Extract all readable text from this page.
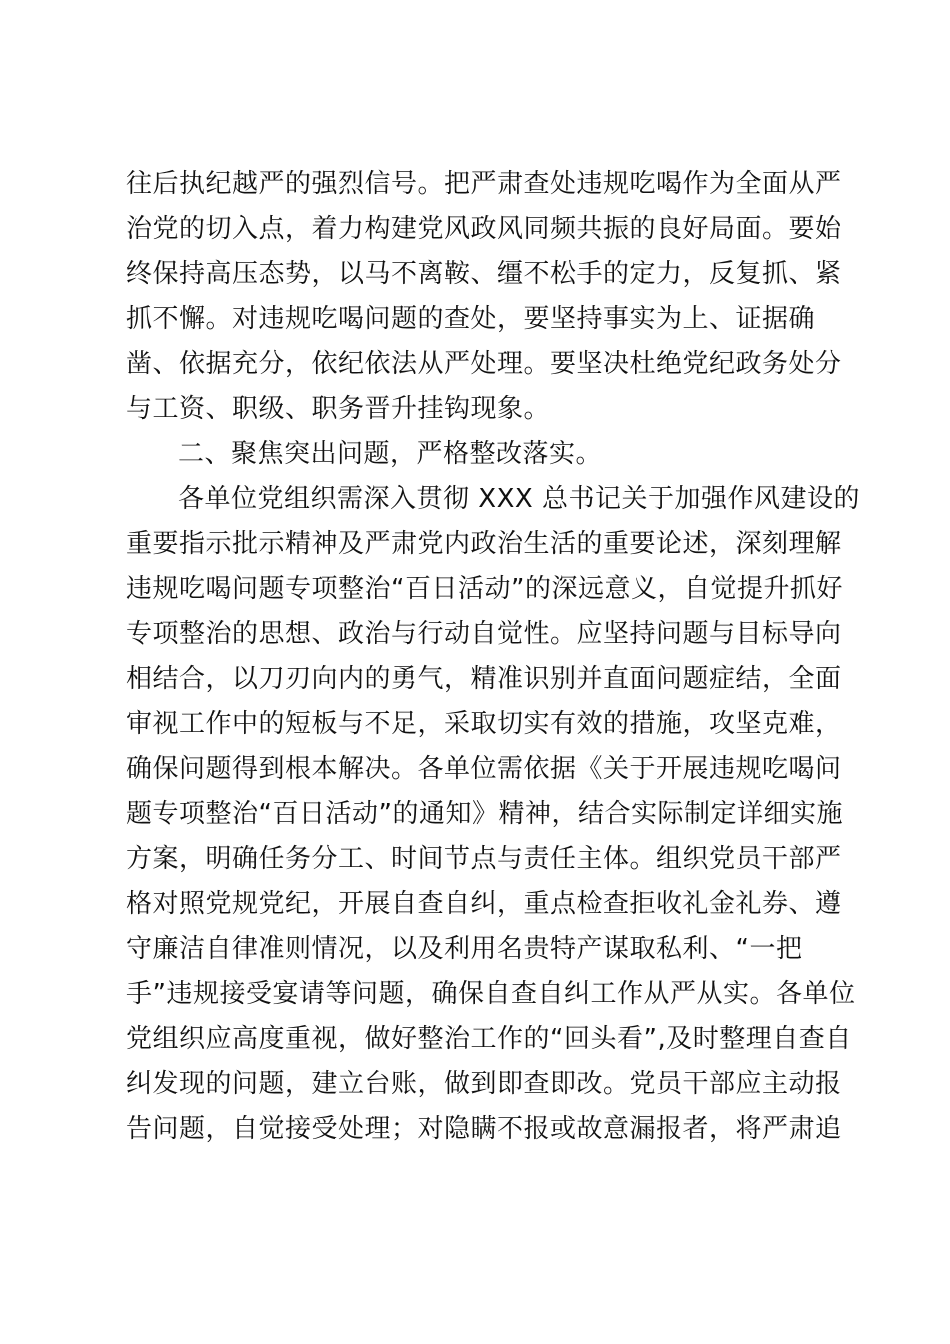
往后执纪越严的强烈信号。把严肃查处违规吃喝作为全面从严
治党的切入点，着力构建党风政风同频共振的良好局面。要始
终保持高压态势，以马不离鞍、缰不松手的定力，反复抓、紧
抓不懈。对违规吃喝问题的查处，要坚持事实为上、证据确
凿、依据充分，依纪依法从严处理。要坚决杜绝党纪政务处分
与工资、职级、职务晋升挂钩现象。
二、聚焦突出问题，严格整改落实。
各单位党组织需深入贯彻 XXX 总书记关于加强作风建设的
重要指示批示精神及严肃党内政治生活的重要论述，深刻理解
违规吃喝问题专项整治“百日活动”的深远意义，自觉提升抓好
专项整治的思想、政治与行动自觉性。应坚持问题与目标导向
相结合，以刀刃向内的勇气，精准识别并直面问题症结，全面
审视工作中的短板与不足，采取切实有效的措施，攻坚克难，
确保问题得到根本解决。各单位需依据《关于开展违规吃喝问
题专项整治“百日活动”的通知》精神，结合实际制定详细实施
方案，明确任务分工、时间节点与责任主体。组织党员干部严
格对照党规党纪，开展自查自纠，重点检查拒收礼金礼券、遵
守廉洁自律准则情况，以及利用名贵特产谋取私利、“一把
手”违规接受宴请等问题，确保自查自纠工作从严从实。各单位
党组织应高度重视，做好整治工作的“回头看”,及时整理自查自
纠发现的问题，建立台账，做到即查即改。党员干部应主动报
告问题，自觉接受处理；对隐瞒不报或故意漏报者，将严肃追
